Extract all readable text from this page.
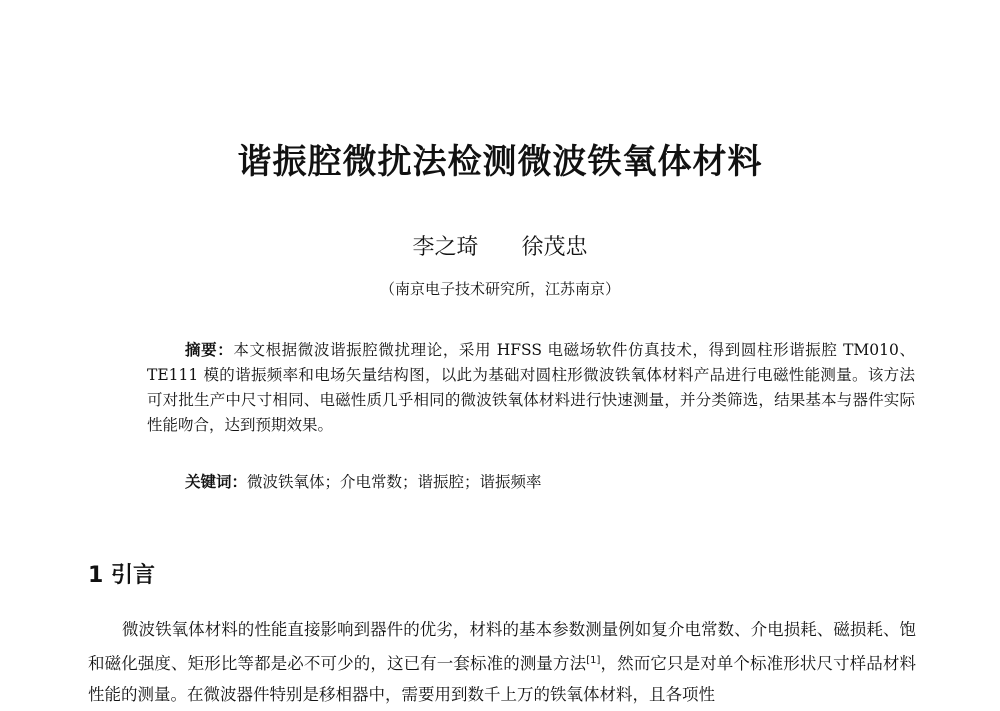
谐振腔微扰法检测微波铁氧体材料

李之琦 徐茂忠

（南京电子技术研究所，江苏南京）

摘要：本文根据微波谐振腔微扰理论，采用 HFSS 电磁场软件仿真技术，得到圆柱形谐振腔 TM010、TE111 模的谐振频率和电场矢量结构图，以此为基础对圆柱形微波铁氧体材料产品进行电磁性能测量。该方法可对批生产中尺寸相同、电磁性质几乎相同的微波铁氧体材料进行快速测量，并分类筛选，结果基本与器件实际性能吻合，达到预期效果。

关键词：微波铁氧体；介电常数；谐振腔；谐振频率

1 引言

微波铁氧体材料的性能直接影响到器件的优劣，材料的基本参数测量例如复介电常数、介电损耗、磁损耗、饱和磁化强度、矩形比等都是必不可少的，这已有一套标准的测量方法[1]，然而它只是对单个标准形状尺寸样品材料性能的测量。在微波器件特别是移相器中，需要用到数千上万的铁氧体材料，且各项性
